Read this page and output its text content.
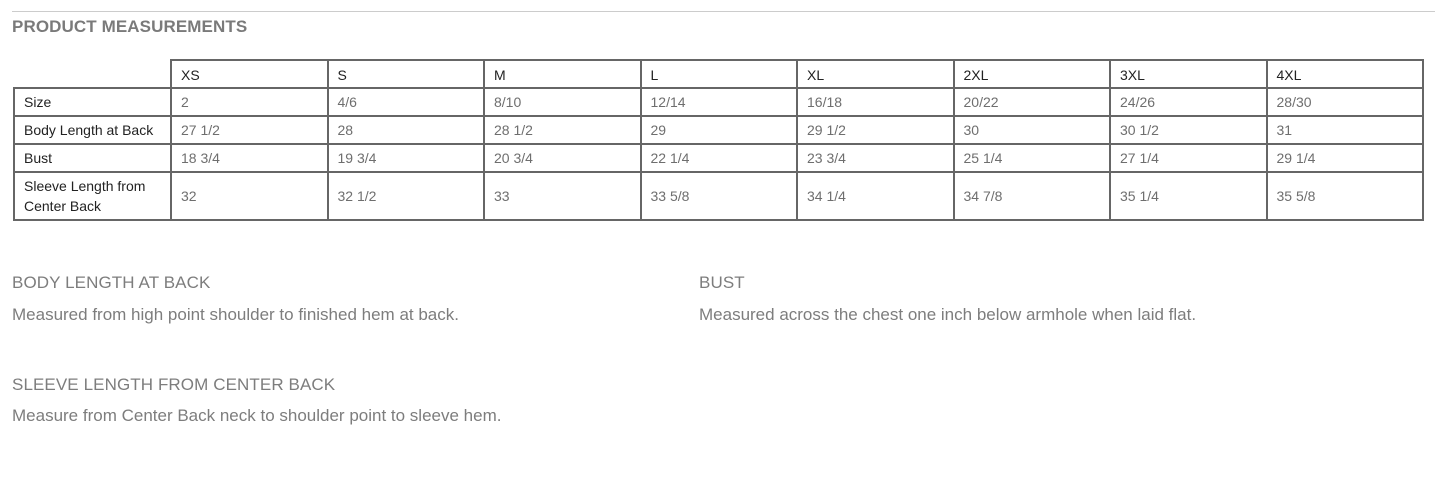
PRODUCT MEASUREMENTS
	XS	S	M	L	XL	2XL	3XL	4XL
Size	2	4/6	8/10	12/14	16/18	20/22	24/26	28/30
Body Length at Back	27 1/2	28	28 1/2	29	29 1/2	30	30 1/2	31
Bust	18 3/4	19 3/4	20 3/4	22 1/4	23 3/4	25 1/4	27 1/4	29 1/4
Sleeve Length from Center Back	32	32 1/2	33	33 5/8	34 1/4	34 7/8	35 1/4	35 5/8
BODY LENGTH AT BACK
Measured from high point shoulder to finished hem at back.
BUST
Measured across the chest one inch below armhole when laid flat.
SLEEVE LENGTH FROM CENTER BACK
Measure from Center Back neck to shoulder point to sleeve hem.
